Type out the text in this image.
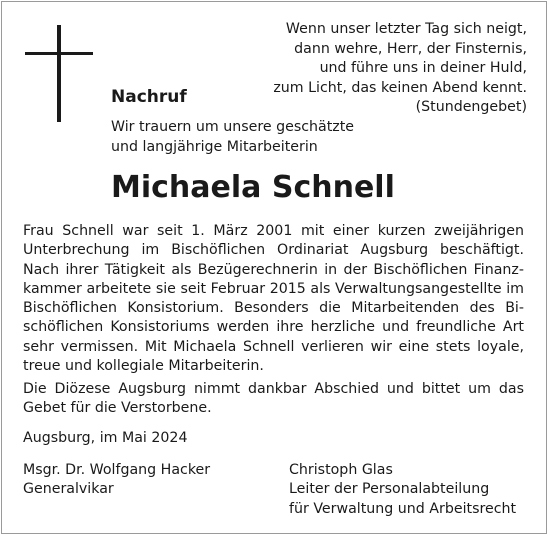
Wenn unser letzter Tag sich neigt,
dann wehre, Herr, der Finsternis,
und führe uns in deiner Huld,
zum Licht, das keinen Abend kennt.
(Stundengebet)
Nachruf
Wir trauern um unsere geschätzte
und langjährige Mitarbeiterin
Michaela Schnell

Frau Schnell war seit 1. März 2001 mit einer kurzen zweijährigen Unterbrechung im Bischöflichen Ordinariat Augsburg beschäftigt. Nach ihrer Tätigkeit als Bezügerechnerin in der Bischöflichen Finanzkammer arbeitete sie seit Februar 2015 als Verwaltungsangestellte im Bischöflichen Konsistorium. Besonders die Mitarbeitenden des Bischöflichen Konsistoriums werden ihre herzliche und freundliche Art sehr vermissen. Mit Michaela Schnell verlieren wir eine stets loyale, treue und kollegiale Mitarbeiterin.

Die Diözese Augsburg nimmt dankbar Abschied und bittet um das Gebet für die Verstorbene.

Augsburg, im Mai 2024
Msgr. Dr. Wolfgang Hacker
Generalvikar
Christoph Glas
Leiter der Personalabteilung
für Verwaltung und Arbeitsrecht
